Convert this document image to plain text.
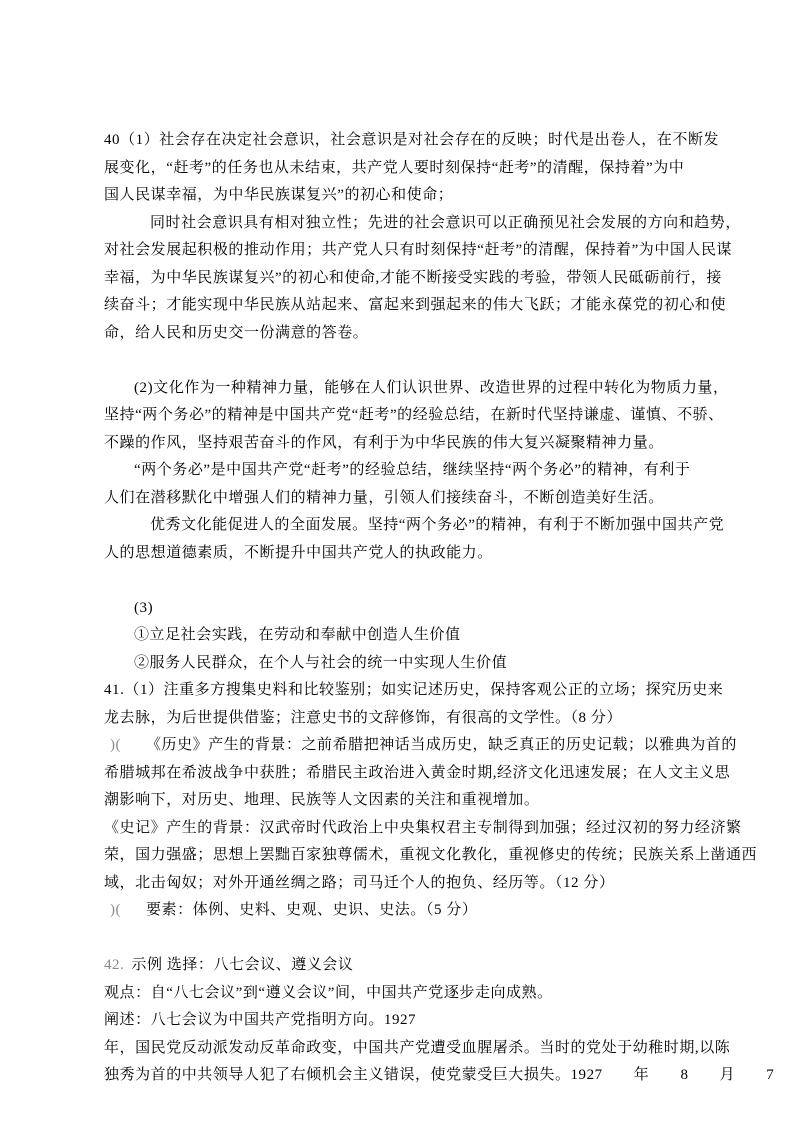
40（1）社会存在决定社会意识，社会意识是对社会存在的反映；时代是出卷人，在不断发
展变化，“赶考”的任务也从未结束，共产党人要时刻保持“赶考”的清醒，保持着”为中
国人民谋幸福，为中华民族谋复兴”的初心和使命；
同时社会意识具有相对独立性；先进的社会意识可以正确预见社会发展的方向和趋势，
对社会发展起积极的推动作用；共产党人只有时刻保持“赶考”的清醒，保持着”为中国人民谋
幸福，为中华民族谋复兴”的初心和使命,才能不断接受实践的考验，带领人民砥砺前行，接
续奋斗；才能实现中华民族从站起来、富起来到强起来的伟大飞跃；才能永葆党的初心和使
命，给人民和历史交一份满意的答卷。
(2)文化作为一种精神力量，能够在人们认识世界、改造世界的过程中转化为物质力量，
坚持“两个务必”的精神是中国共产党“赶考”的经验总结，在新时代坚持谦虚、谨慎、不骄、
不躁的作风，坚持艰苦奋斗的作风，有利于为中华民族的伟大复兴凝聚精神力量。
“两个务必”是中国共产党“赶考”的经验总结，继续坚持“两个务必”的精神，有利于
人们在潜移默化中增强人们的精神力量，引领人们接续奋斗，不断创造美好生活。
优秀文化能促进人的全面发展。坚持“两个务必”的精神，有利于不断加强中国共产党
人的思想道德素质，不断提升中国共产党人的执政能力。
(3)
①立足社会实践，在劳动和奉献中创造人生价值
②服务人民群众，在个人与社会的统一中实现人生价值
41.（1）注重多方搜集史料和比较鉴别；如实记述历史，保持客观公正的立场；探究历史来
龙去脉，为后世提供借鉴；注意史书的文辞修饰，有很高的文学性。（8 分）
)( 《历史》产生的背景：之前希腊把神话当成历史，缺乏真正的历史记载；以雅典为首的
希腊城邦在希波战争中获胜；希腊民主政治进入黄金时期,经济文化迅速发展；在人文主义思
潮影响下，对历史、地理、民族等人文因素的关注和重视增加。
《史记》产生的背景：汉武帝时代政治上中央集权君主专制得到加强；经过汉初的努力经济繁
荣，国力强盛；思想上罢黜百家独尊儒术，重视文化教化，重视修史的传统；民族关系上凿通西
域，北击匈奴；对外开通丝绸之路；司马迁个人的抱负、经历等。（12 分）
)( 要素：体例、史料、史观、史识、史法。（5 分）
42. 示例 选择：八七会议、遵义会议
观点：自“八七会议”到“遵义会议”间，中国共产党逐步走向成熟。
阐述：八七会议为中国共产党指明方向。1927
年，国民党反动派发动反革命政变，中国共产党遭受血腥屠杀。当时的党处于幼稚时期,以陈
独秀为首的中共领导人犯了右倾机会主义错误，使党蒙受巨大损失。1927　　年　　8　　月　　7
